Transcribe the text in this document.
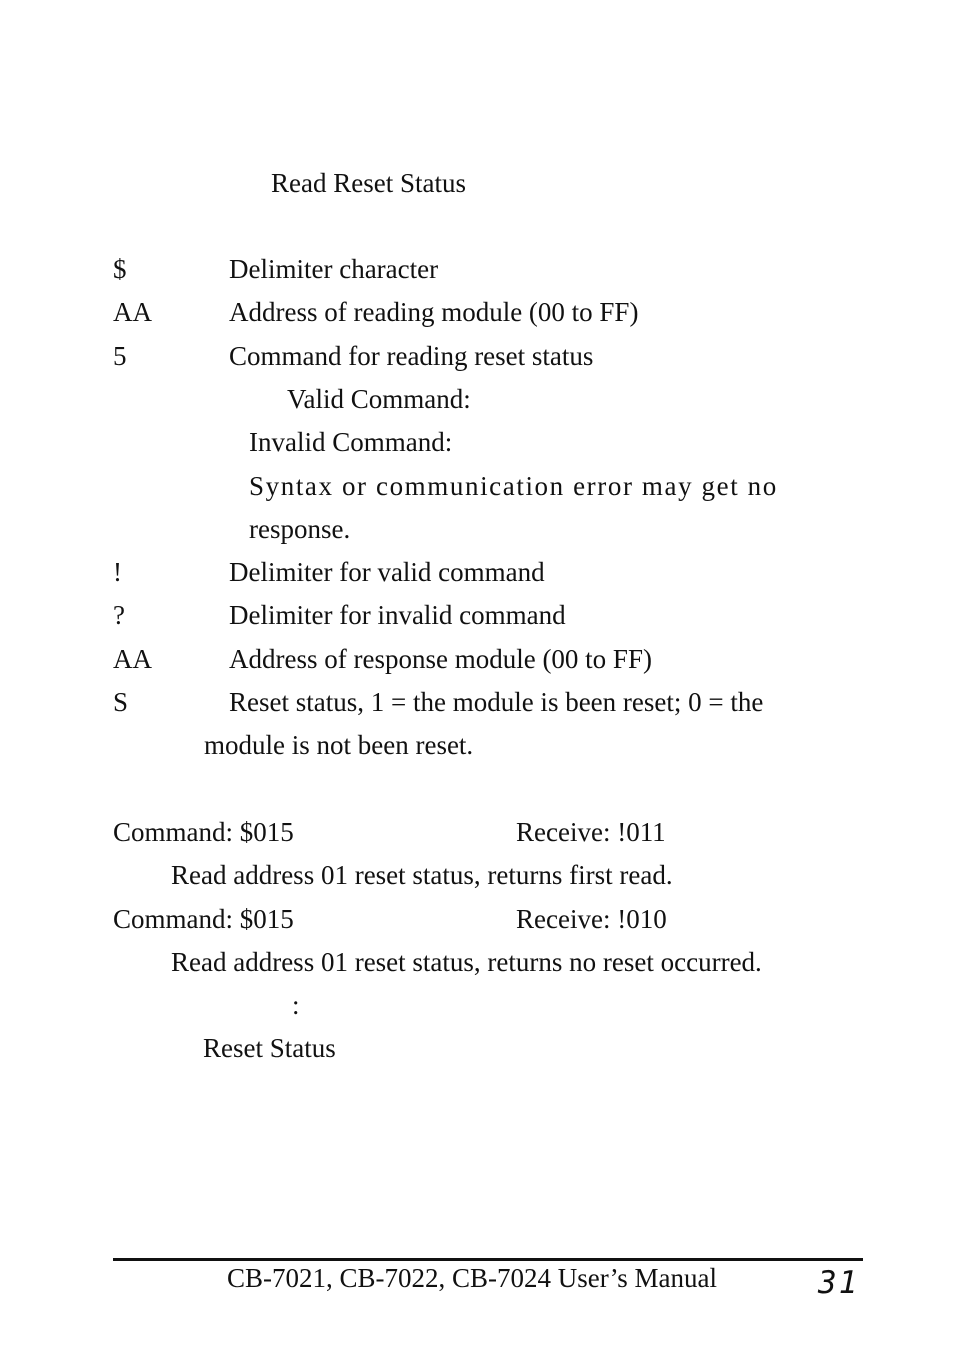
Read Reset Status
$	Delimiter character
AA	Address of reading module (00 to FF)
5	Command for reading reset status
Valid Command:
Invalid Command:
Syntax or communication error may get no
response.
!	Delimiter for valid command
?	Delimiter for invalid command
AA	Address of response module (00 to FF)
S	Reset status, 1 = the module is been reset; 0 = the
module is not been reset.
Command: $015	Receive: !011
Read address 01 reset status, returns first read.
Command: $015	Receive: !010
Read address 01 reset status, returns no reset occurred.
:
Reset Status
CB-7021, CB-7022, CB-7024 User’s Manual	31
